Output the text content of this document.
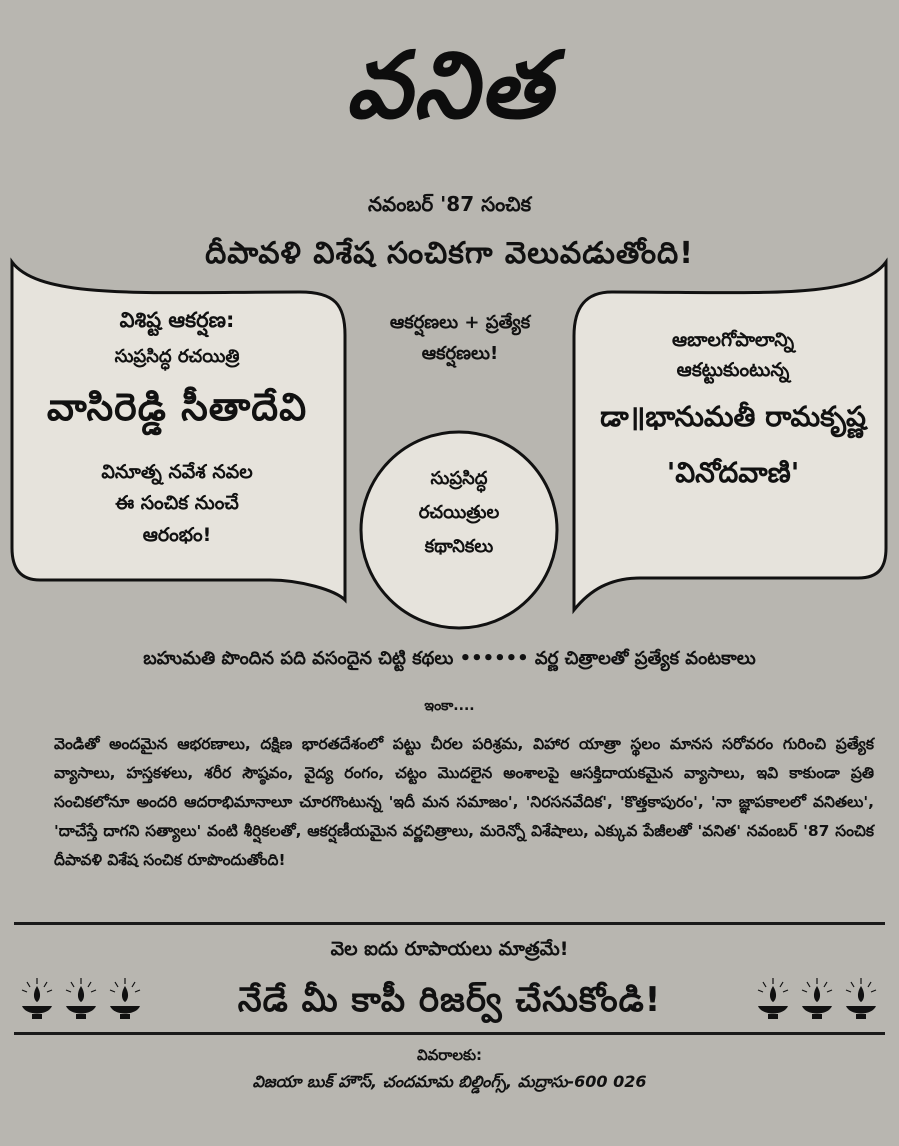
వనిత
నవంబర్ '87 సంచిక
దీపావళి విశేష సంచికగా వెలువడుతోంది!
విశిష్ట ఆకర్షణ:
సుప్రసిద్ధ రచయిత్రి
వాసిరెడ్డి సీతాదేవి
వినూత్న నవేశ నవల
ఈ సంచిక నుంచే
ఆరంభం!
ఆకర్షణలు + ప్రత్యేక
ఆకర్షణలు!
సుప్రసిద్ధ
రచయిత్రుల
కథానికలు
ఆబాలగోపాలాన్ని
ఆకట్టుకుంటున్న
డా॥భానుమతీ రామకృష్ణ
'వినోదవాణి'
బహుమతి పొందిన పది వసందైన చిట్టి కథలు •••••• వర్ణ చిత్రాలతో ప్రత్యేక వంటకాలు
ఇంకా....
వెండితో అందమైన ఆభరణాలు, దక్షిణ భారతదేశంలో పట్టు చీరల పరిశ్రమ, విహార యాత్రా స్థలం మానస సరోవరం గురించి ప్రత్యేక వ్యాసాలు, హస్తకళలు, శరీర సౌష్ఠవం, వైద్య రంగం, చట్టం మొదలైన అంశాలపై ఆసక్తిదాయకమైన వ్యాసాలు, ఇవి కాకుండా ప్రతి సంచికలోనూ అందరి ఆదరాభిమానాలూ చూరగొంటున్న 'ఇదీ మన సమాజం', 'నిరసనవేదిక', 'కొత్తకాపురం', 'నా జ్ఞాపకాలలో వనితలు', 'దాచేస్తే దాగని సత్యాలు' వంటి శీర్షికలతో, ఆకర్షణీయమైన వర్ణచిత్రాలు, మరెన్నో విశేషాలు, ఎక్కువ పేజీలతో 'వనిత' నవంబర్ '87 సంచిక దీపావళి విశేష సంచిక రూపొందుతోంది!
వెల ఐదు రూపాయలు మాత్రమే!
నేడే మీ కాపీ రిజర్వ్ చేసుకోండి!
వివరాలకు:
విజయా బుక్ హౌస్, చందమామ బిల్డింగ్స్, మద్రాసు-600 026
